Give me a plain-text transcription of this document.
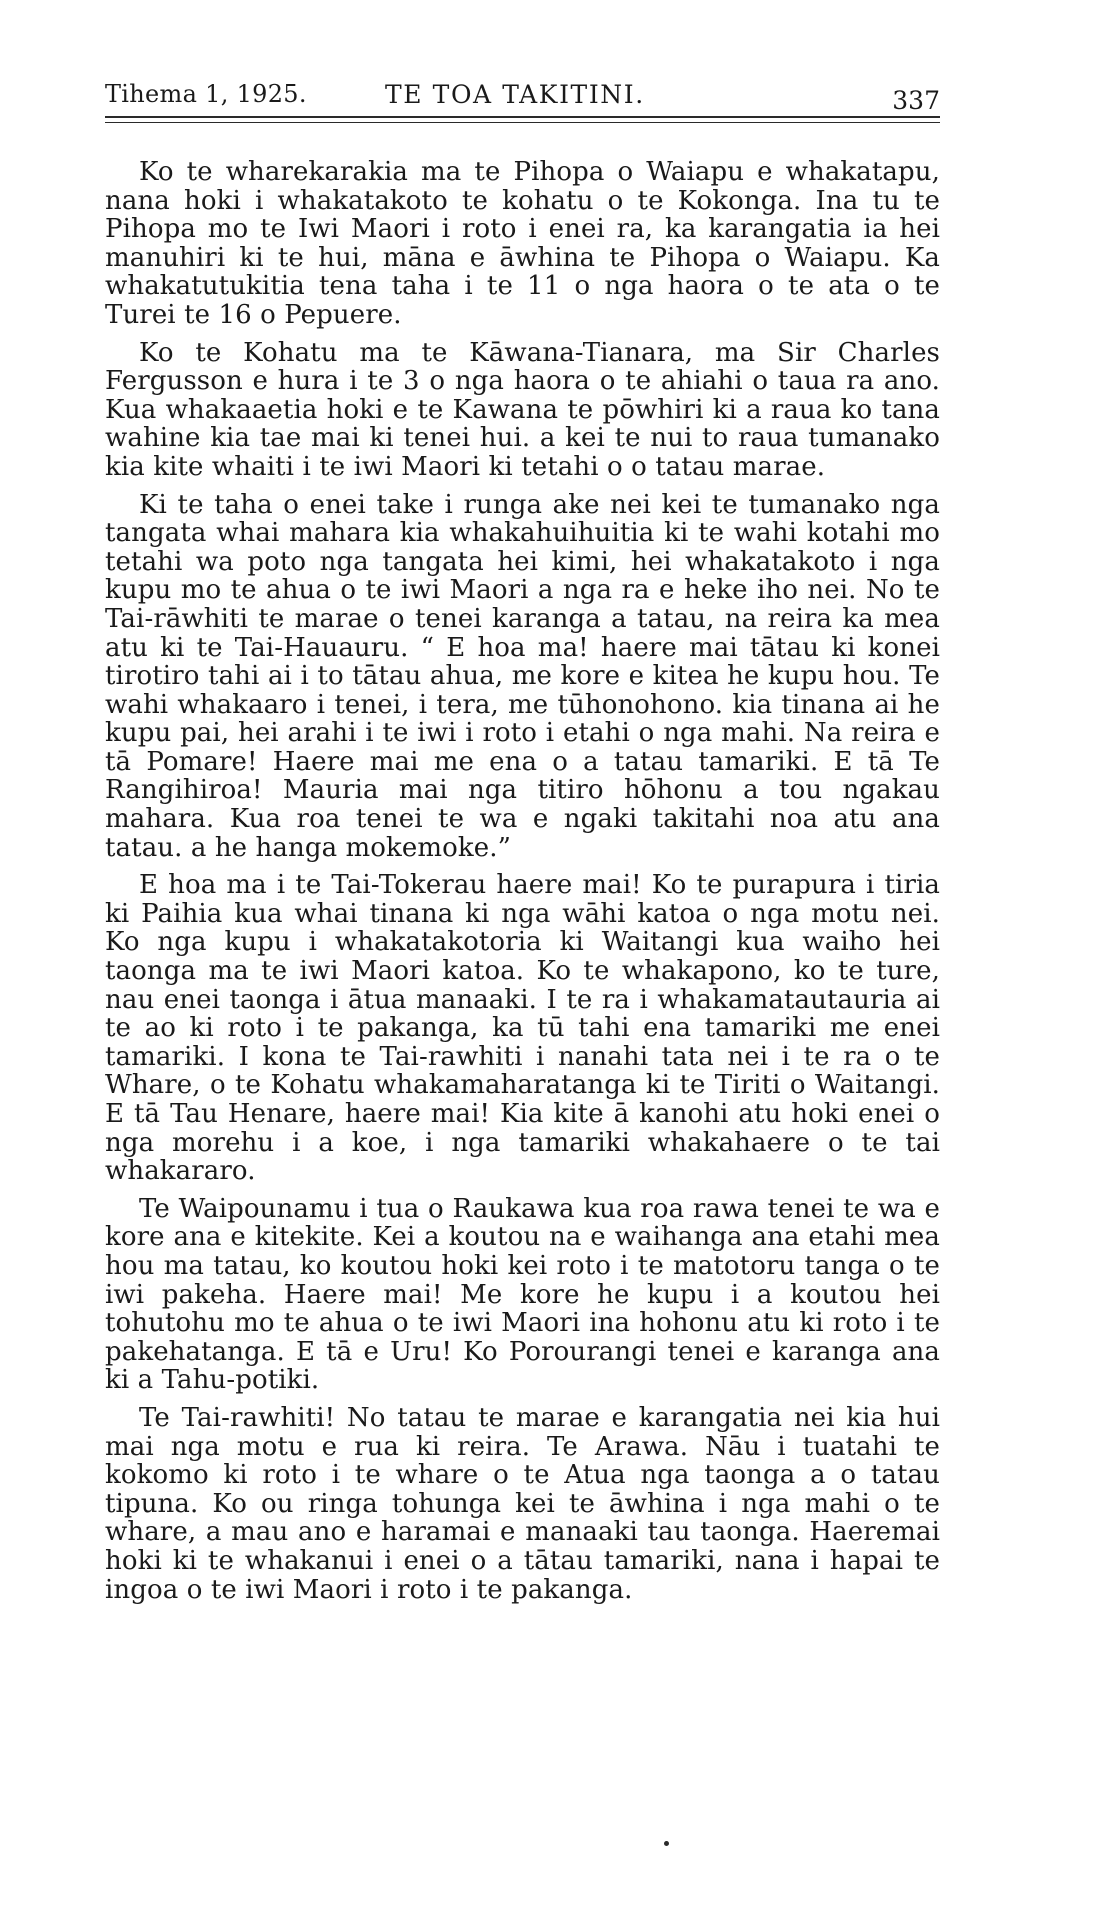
Tihema 1, 1925.	TE TOA TAKITINI.	337

Ko te wharekarakia ma te Pihopa o Waiapu e whakatapu, nana hoki i whakatakoto te kohatu o te Kokonga. Ina tu te Pihopa mo te Iwi Maori i roto i enei ra, ka karangatia ia hei manuhiri ki te hui, māna e āwhina te Pihopa o Waiapu. Ka whakatutukitia tena taha i te 11 o nga haora o te ata o te Turei te 16 o Pepuere.

Ko te Kohatu ma te Kāwana-Tianara, ma Sir Charles Fergusson e hura i te 3 o nga haora o te ahiahi o taua ra ano. Kua whakaaetia hoki e te Kawana te pōwhiri ki a raua ko tana wahine kia tae mai ki tenei hui. a kei te nui to raua tumanako kia kite whaiti i te iwi Maori ki tetahi o o tatau marae.

Ki te taha o enei take i runga ake nei kei te tumanako nga tangata whai mahara kia whakahuihuitia ki te wahi kotahi mo tetahi wa poto nga tangata hei kimi, hei whakatakoto i nga kupu mo te ahua o te iwi Maori a nga ra e heke iho nei. No te Tai-rāwhiti te marae o tenei karanga a tatau, na reira ka mea atu ki te Tai-Hauauru. “ E hoa ma! haere mai tātau ki konei tirotiro tahi ai i to tātau ahua, me kore e kitea he kupu hou. Te wahi whakaaro i tenei, i tera, me tūhonohono. kia tinana ai he kupu pai, hei arahi i te iwi i roto i etahi o nga mahi. Na reira e tā Pomare! Haere mai me ena o a tatau tamariki. E tā Te Rangihiroa! Mauria mai nga titiro hōhonu a tou ngakau mahara. Kua roa tenei te wa e ngaki takitahi noa atu ana tatau. a he hanga mokemoke.”

E hoa ma i te Tai-Tokerau haere mai! Ko te purapura i tiria ki Paihia kua whai tinana ki nga wāhi katoa o nga motu nei. Ko nga kupu i whakatakotoria ki Waitangi kua waiho hei taonga ma te iwi Maori katoa. Ko te whakapono, ko te ture, nau enei taonga i ātua manaaki. I te ra i whakamatautauria ai te ao ki roto i te pakanga, ka tū tahi ena tamariki me enei tamariki. I kona te Tai-rawhiti i nanahi tata nei i te ra o te Whare, o te Kohatu whakamaharatanga ki te Tiriti o Waitangi. E tā Tau Henare, haere mai! Kia kite ā kanohi atu hoki enei o nga morehu i a koe, i nga tamariki whakahaere o te tai whakararo.

Te Waipounamu i tua o Raukawa kua roa rawa tenei te wa e kore ana e kitekite. Kei a koutou na e waihanga ana etahi mea hou ma tatau, ko koutou hoki kei roto i te matotoru tanga o te iwi pakeha. Haere mai! Me kore he kupu i a koutou hei tohutohu mo te ahua o te iwi Maori ina hohonu atu ki roto i te pakehatanga. E tā e Uru! Ko Porourangi tenei e karanga ana ki a Tahu-potiki.

Te Tai-rawhiti! No tatau te marae e karangatia nei kia hui mai nga motu e rua ki reira. Te Arawa. Nāu i tuatahi te kokomo ki roto i te whare o te Atua nga taonga a o tatau tipuna. Ko ou ringa tohunga kei te āwhina i nga mahi o te whare, a mau ano e haramai e manaaki tau taonga. Haeremai hoki ki te whakanui i enei o a tātau tamariki, nana i hapai te ingoa o te iwi Maori i roto i te pakanga.
